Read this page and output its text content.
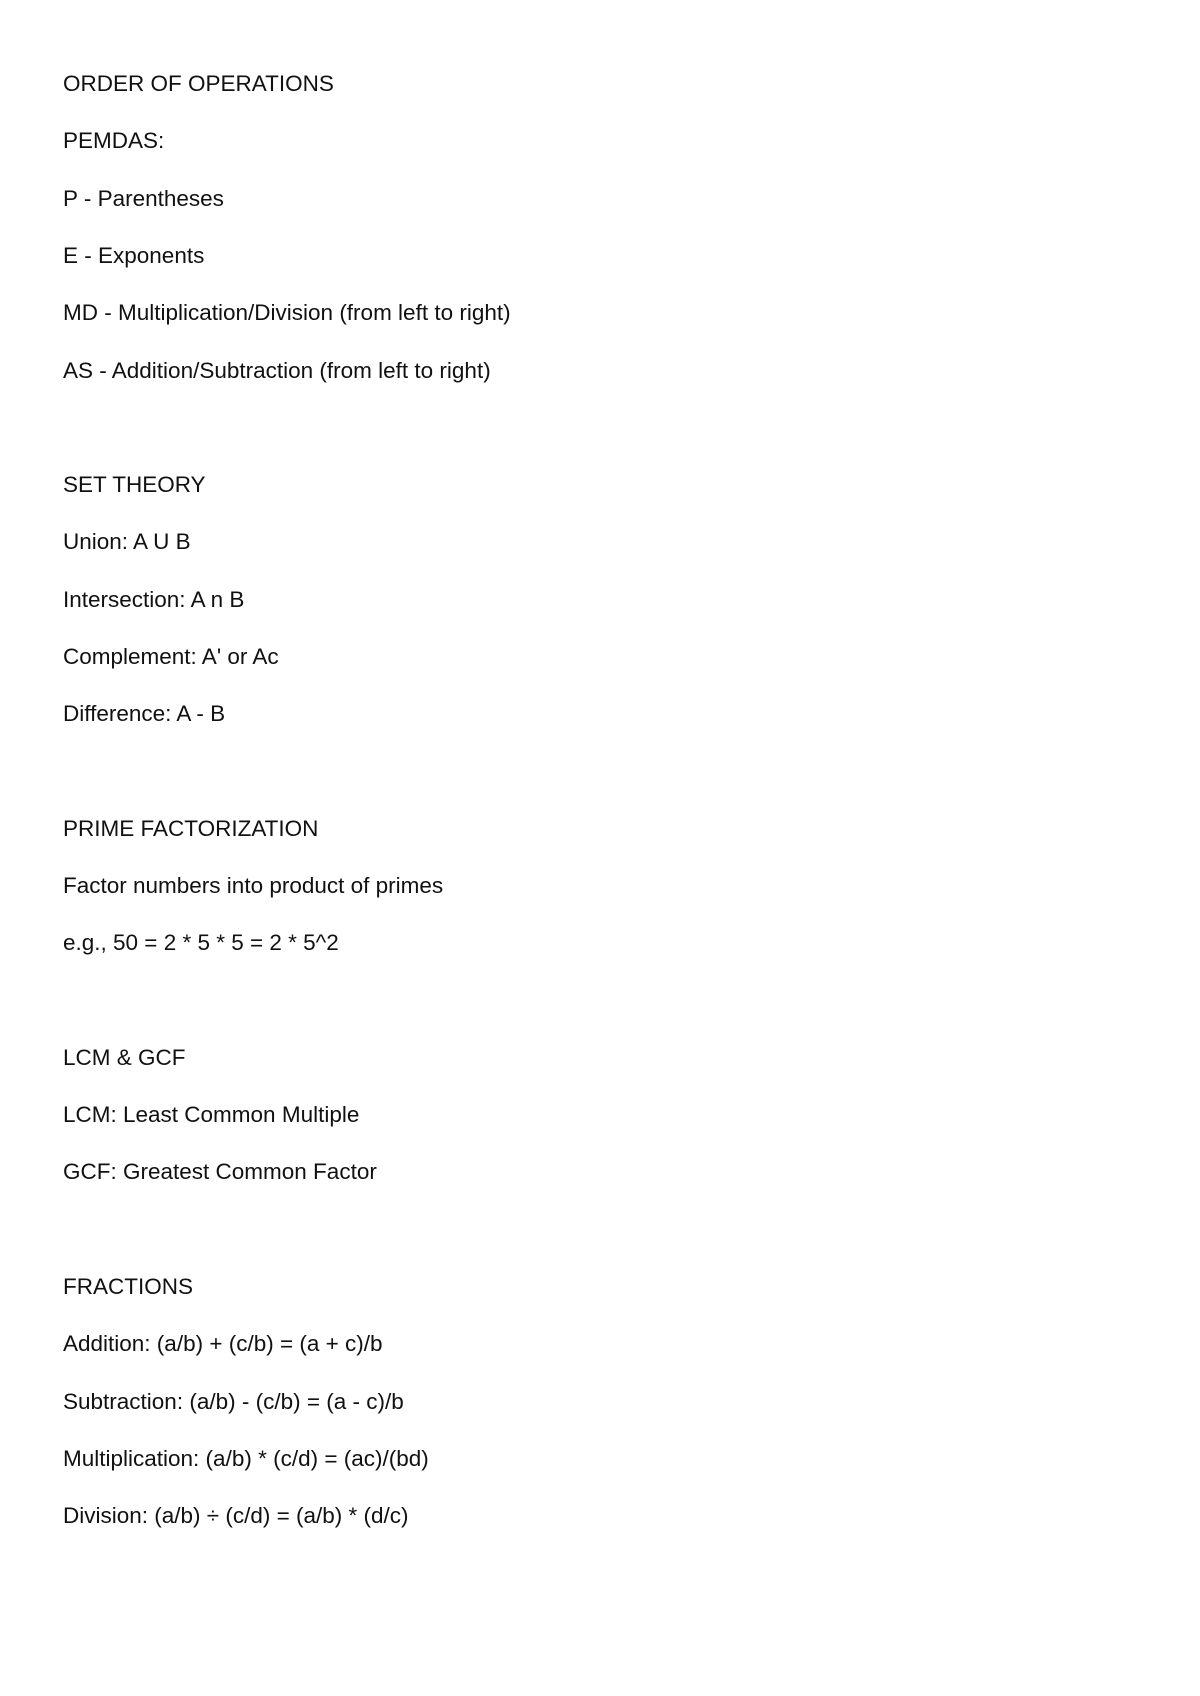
ORDER OF OPERATIONS

PEMDAS:

P - Parentheses

E - Exponents

MD - Multiplication/Division (from left to right)

AS - Addition/Subtraction (from left to right)

SET THEORY

Union: A U B

Intersection: A n B

Complement: A' or Ac

Difference: A - B

PRIME FACTORIZATION

Factor numbers into product of primes

e.g., 50 = 2 * 5 * 5 = 2 * 5^2

LCM & GCF

LCM: Least Common Multiple

GCF: Greatest Common Factor

FRACTIONS

Addition: (a/b) + (c/b) = (a + c)/b

Subtraction: (a/b) - (c/b) = (a - c)/b

Multiplication: (a/b) * (c/d) = (ac)/(bd)

Division: (a/b) ÷ (c/d) = (a/b) * (d/c)
